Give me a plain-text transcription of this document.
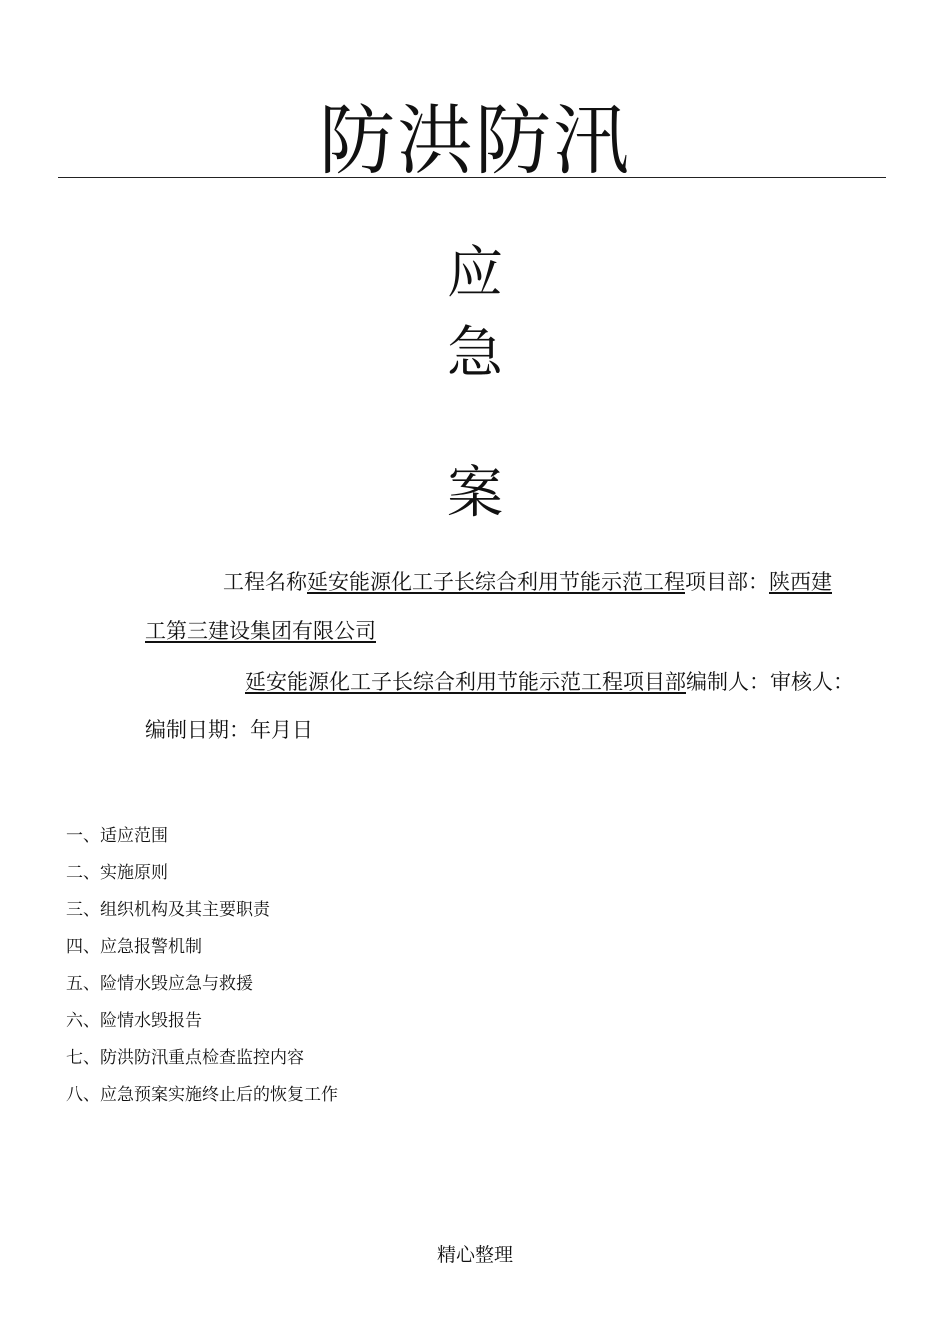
防洪防汛
应
急
案
工程名称延安能源化工子长综合利用节能示范工程项目部：陕西建
工第三建设集团有限公司
延安能源化工子长综合利用节能示范工程项目部编制人：审核人：
编制日期：年月日
一、适应范围
二、实施原则
三、组织机构及其主要职责
四、应急报警机制
五、险情水毁应急与救援
六、险情水毁报告
七、防洪防汛重点检查监控内容
八、应急预案实施终止后的恢复工作
精心整理
